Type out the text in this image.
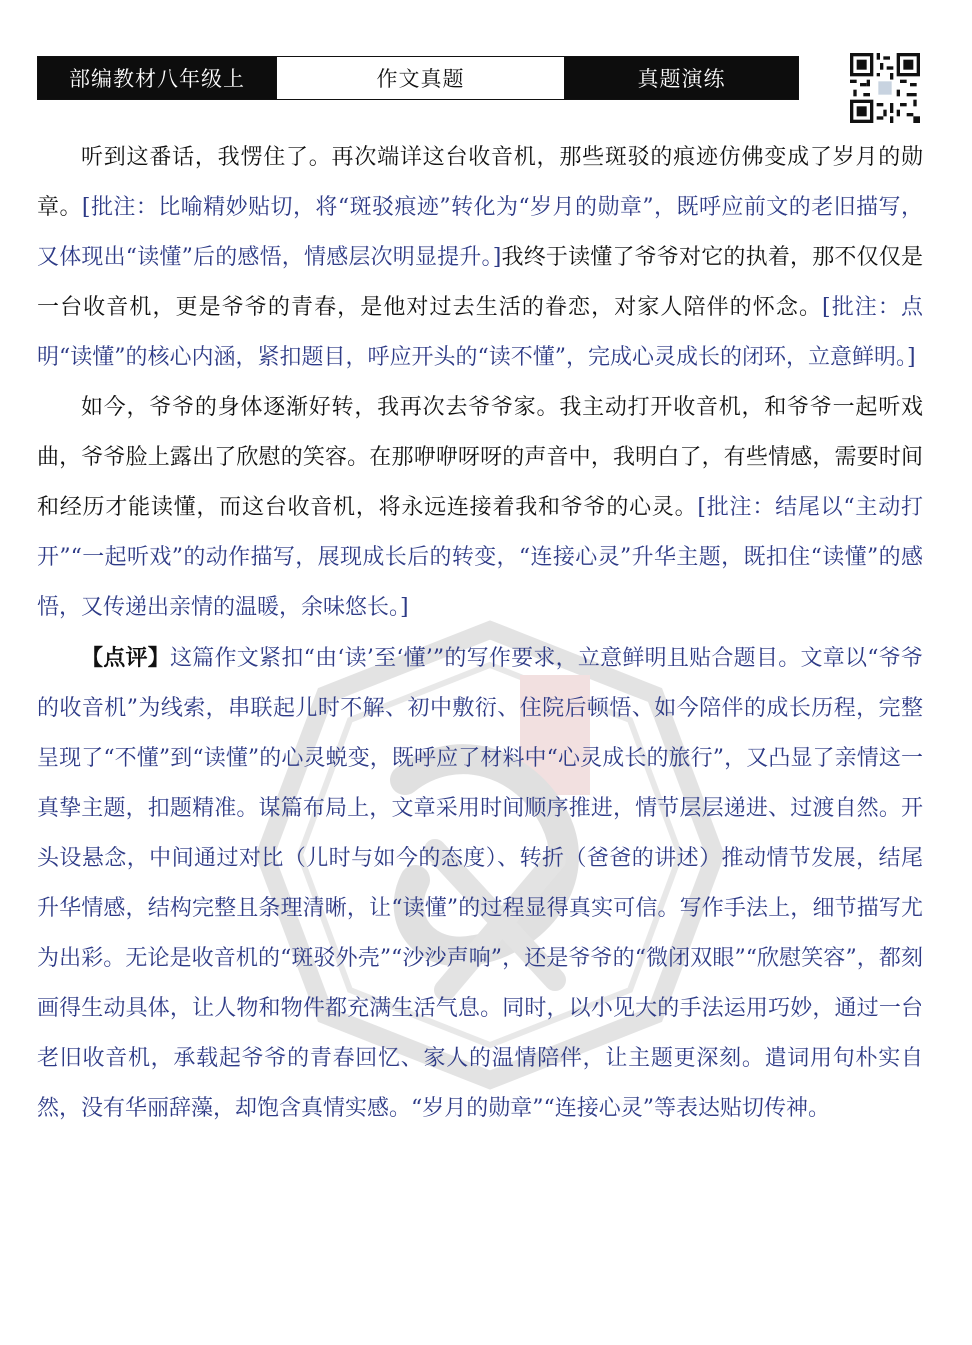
部编教材八年级上	作文真题	真题演练

听到这番话，我愣住了。再次端详这台收音机，那些斑驳的痕迹仿佛变成了岁月的勋章。[批注：比喻精妙贴切，将“斑驳痕迹”转化为“岁月的勋章”，既呼应前文的老旧描写，又体现出“读懂”后的感悟，情感层次明显提升。]我终于读懂了爷爷对它的执着，那不仅仅是一台收音机，更是爷爷的青春，是他对过去生活的眷恋，对家人陪伴的怀念。[批注：点明“读懂”的核心内涵，紧扣题目，呼应开头的“读不懂”，完成心灵成长的闭环，立意鲜明。]

如今，爷爷的身体逐渐好转，我再次去爷爷家。我主动打开收音机，和爷爷一起听戏曲，爷爷脸上露出了欣慰的笑容。在那咿咿呀呀的声音中，我明白了，有些情感，需要时间和经历才能读懂，而这台收音机，将永远连接着我和爷爷的心灵。[批注：结尾以“主动打开”“一起听戏”的动作描写，展现成长后的转变，“连接心灵”升华主题，既扣住“读懂”的感悟，又传递出亲情的温暖，余味悠长。]

【点评】这篇作文紧扣“由‘读’至‘懂’”的写作要求，立意鲜明且贴合题目。文章以“爷爷的收音机”为线索，串联起儿时不解、初中敷衍、住院后顿悟、如今陪伴的成长历程，完整呈现了“不懂”到“读懂”的心灵蜕变，既呼应了材料中“心灵成长的旅行”，又凸显了亲情这一真挚主题，扣题精准。谋篇布局上，文章采用时间顺序推进，情节层层递进、过渡自然。开头设悬念，中间通过对比（儿时与如今的态度）、转折（爸爸的讲述）推动情节发展，结尾升华情感，结构完整且条理清晰，让“读懂”的过程显得真实可信。写作手法上，细节描写尤为出彩。无论是收音机的“斑驳外壳”“沙沙声响”，还是爷爷的“微闭双眼”“欣慰笑容”，都刻画得生动具体，让人物和物件都充满生活气息。同时，以小见大的手法运用巧妙，通过一台老旧收音机，承载起爷爷的青春回忆、家人的温情陪伴，让主题更深刻。遣词用句朴实自然，没有华丽辞藻，却饱含真情实感。“岁月的勋章”“连接心灵”等表达贴切传神。
